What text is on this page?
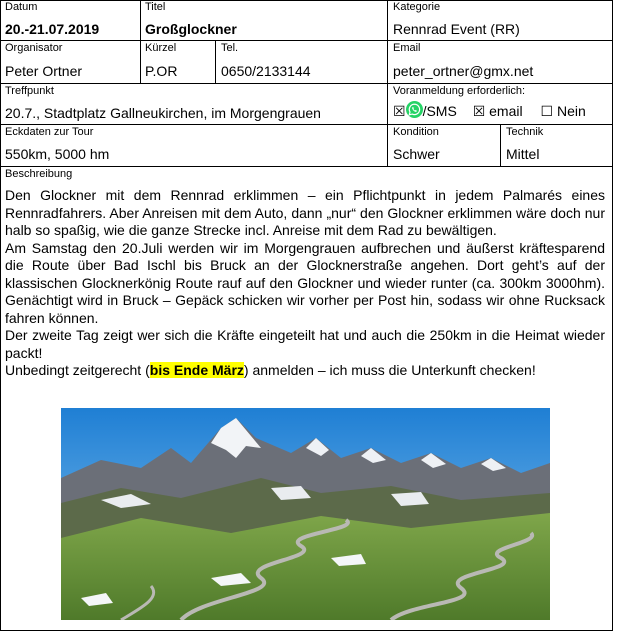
Datum
20.-21.07.2019
Titel
Großglockner
Kategorie
Rennrad Event (RR)
Organisator
Peter Ortner
Kürzel
P.OR
Tel.
0650/2133144
Email
peter_ortner@gmx.net
Treffpunkt
20.7., Stadtplatz Gallneukirchen, im Morgengrauen
Voranmeldung erforderlich:
☒ /SMS ☒ email ☐ Nein
Eckdaten zur Tour
550km, 5000 hm
Kondition
Schwer
Technik
Mittel
Beschreibung

Den Glockner mit dem Rennrad erklimmen – ein Pflichtpunkt in jedem Palmarés eines Rennradfahrers. Aber Anreisen mit dem Auto, dann „nur“ den Glockner erklimmen wäre doch nur halb so spaßig, wie die ganze Strecke incl. Anreise mit dem Rad zu bewältigen.

Am Samstag den 20.Juli werden wir im Morgengrauen aufbrechen und äußerst kräftesparend die Route über Bad Ischl bis Bruck an der Glocknerstraße angehen. Dort geht’s auf der klassischen Glocknerkönig Route rauf auf den Glockner und wieder runter (ca. 300km 3000hm). Genächtigt wird in Bruck – Gepäck schicken wir vorher per Post hin, sodass wir ohne Rucksack fahren können.

Der zweite Tag zeigt wer sich die Kräfte eingeteilt hat und auch die 250km in die Heimat wieder packt!

Unbedingt zeitgerecht (bis Ende März) anmelden – ich muss die Unterkunft checken!
